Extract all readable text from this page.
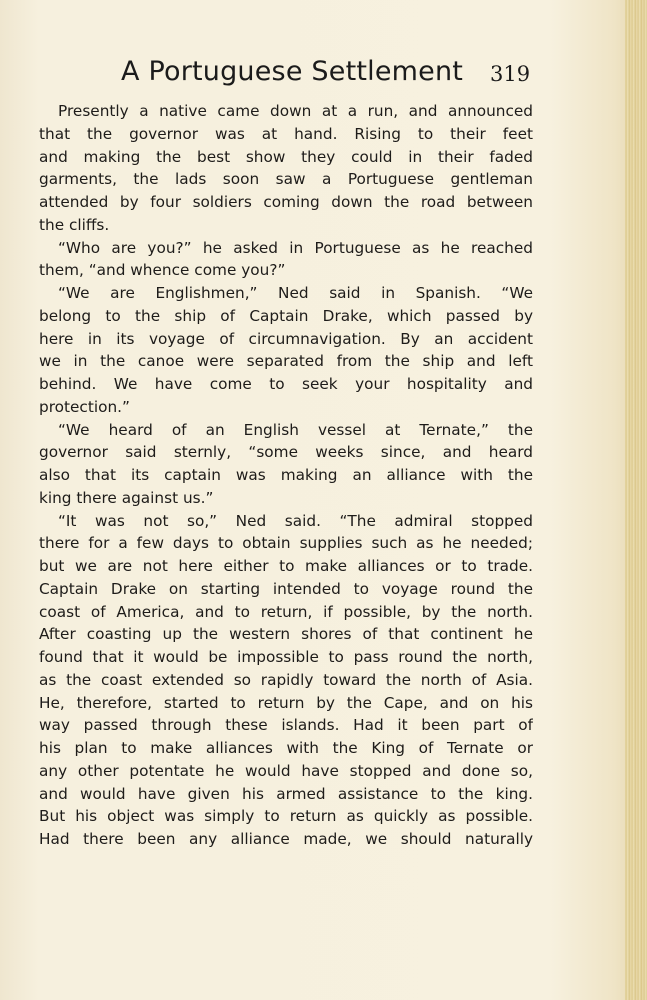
A Portuguese Settlement 319
Presently a native came down at a run, and announced
that the governor was at hand. Rising to their feet
and making the best show they could in their faded
garments, the lads soon saw a Portuguese gentleman
attended by four soldiers coming down the road between
the cliffs.
“Who are you?” he asked in Portuguese as he reached
them, “and whence come you?”
“We are Englishmen,” Ned said in Spanish. “We
belong to the ship of Captain Drake, which passed by
here in its voyage of circumnavigation. By an accident
we in the canoe were separated from the ship and left
behind. We have come to seek your hospitality and
protection.”
“We heard of an English vessel at Ternate,” the
governor said sternly, “some weeks since, and heard
also that its captain was making an alliance with the
king there against us.”
“It was not so,” Ned said. “The admiral stopped
there for a few days to obtain supplies such as he needed;
but we are not here either to make alliances or to trade.
Captain Drake on starting intended to voyage round the
coast of America, and to return, if possible, by the north.
After coasting up the western shores of that continent he
found that it would be impossible to pass round the north,
as the coast extended so rapidly toward the north of Asia.
He, therefore, started to return by the Cape, and on his
way passed through these islands. Had it been part of
his plan to make alliances with the King of Ternate or
any other potentate he would have stopped and done so,
and would have given his armed assistance to the king.
But his object was simply to return as quickly as possible.
Had there been any alliance made, we should naturally
